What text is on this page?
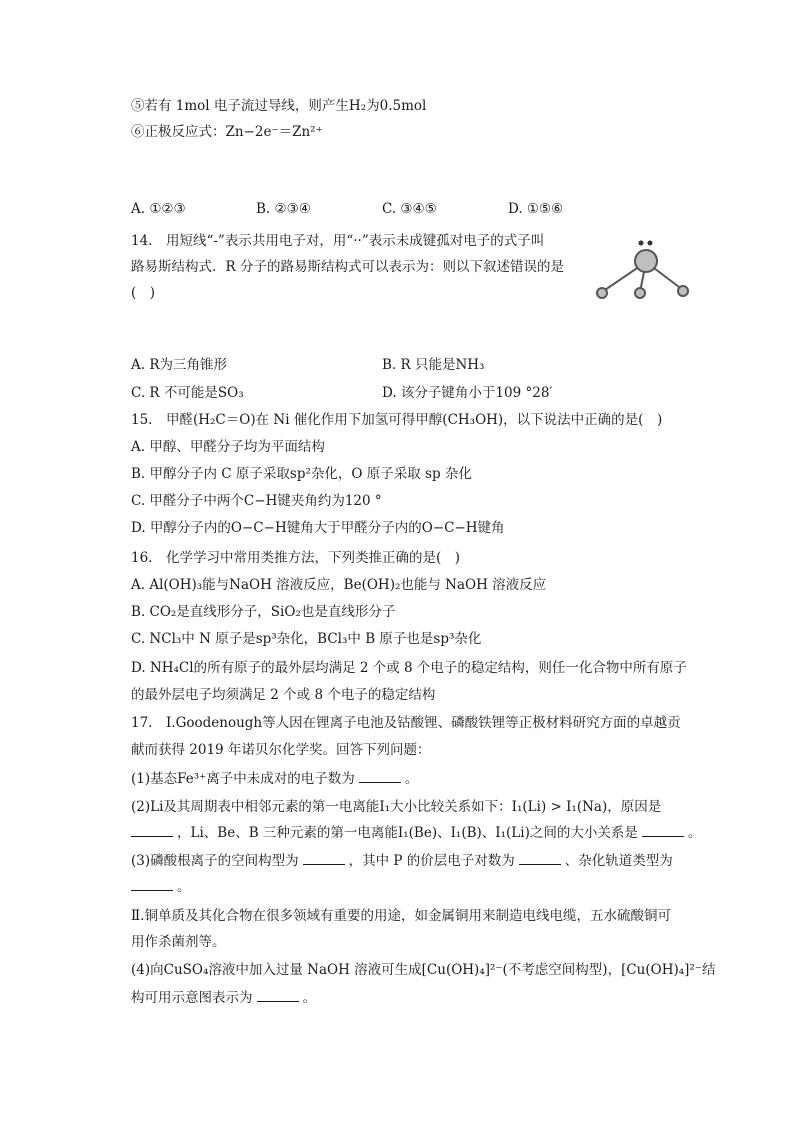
⑤若有 1mol 电子流过导线，则产生H₂为0.5mol
⑥正极反应式：Zn−2e⁻＝Zn²⁺
A. ①②③	B. ②③④	C. ③④⑤	D. ①⑤⑥
14.　用短线“-”表示共用电子对，用“··”表示未成键孤对电子的式子叫
路易斯结构式．R 分子的路易斯结构式可以表示为：则以下叙述错误的是
(　)
A. R为三角锥形	B. R 只能是NH₃
C. R 不可能是SO₃	D. 该分子键角小于109 °28′
15.　甲醛(H₂C＝O)在 Ni 催化作用下加氢可得甲醇(CH₃OH)，以下说法中正确的是(　)
A. 甲醇、甲醛分子均为平面结构
B. 甲醇分子内 C 原子采取sp²杂化，O 原子采取 sp 杂化
C. 甲醛分子中两个C−H键夹角约为120 °
D. 甲醇分子内的O−C−H键角大于甲醛分子内的O−C−H键角
16.　化学学习中常用类推方法，下列类推正确的是(　)
A. Al(OH)₃能与NaOH 溶液反应，Be(OH)₂也能与 NaOH 溶液反应
B. CO₂是直线形分子，SiO₂也是直线形分子
C. NCl₃中 N 原子是sp³杂化，BCl₃中 B 原子也是sp³杂化
D. NH₄Cl的所有原子的最外层均满足 2 个或 8 个电子的稳定结构，则任一化合物中所有原子
的最外层电子均须满足 2 个或 8 个电子的稳定结构
17.　Ⅰ.Goodenough等人因在锂离子电池及钴酸锂、磷酸铁锂等正极材料研究方面的卓越贡
献而获得 2019 年诺贝尔化学奖。回答下列问题：
(1)基态Fe³⁺离子中未成对的电子数为	。
(2)Li及其周期表中相邻元素的第一电离能I₁大小比较关系如下：I₁(Li) > I₁(Na)，原因是
，Li、Be、B 三种元素的第一电离能I₁(Be)、I₁(B)、I₁(Li)之间的大小关系是	。
(3)磷酸根离子的空间构型为	，其中 P 的价层电子对数为	、杂化轨道类型为
。
Ⅱ.铜单质及其化合物在很多领域有重要的用途，如金属铜用来制造电线电缆，五水硫酸铜可
用作杀菌剂等。
(4)向CuSO₄溶液中加入过量 NaOH 溶液可生成[Cu(OH)₄]²⁻(不考虑空间构型)，[Cu(OH)₄]²⁻结
构可用示意图表示为	。
